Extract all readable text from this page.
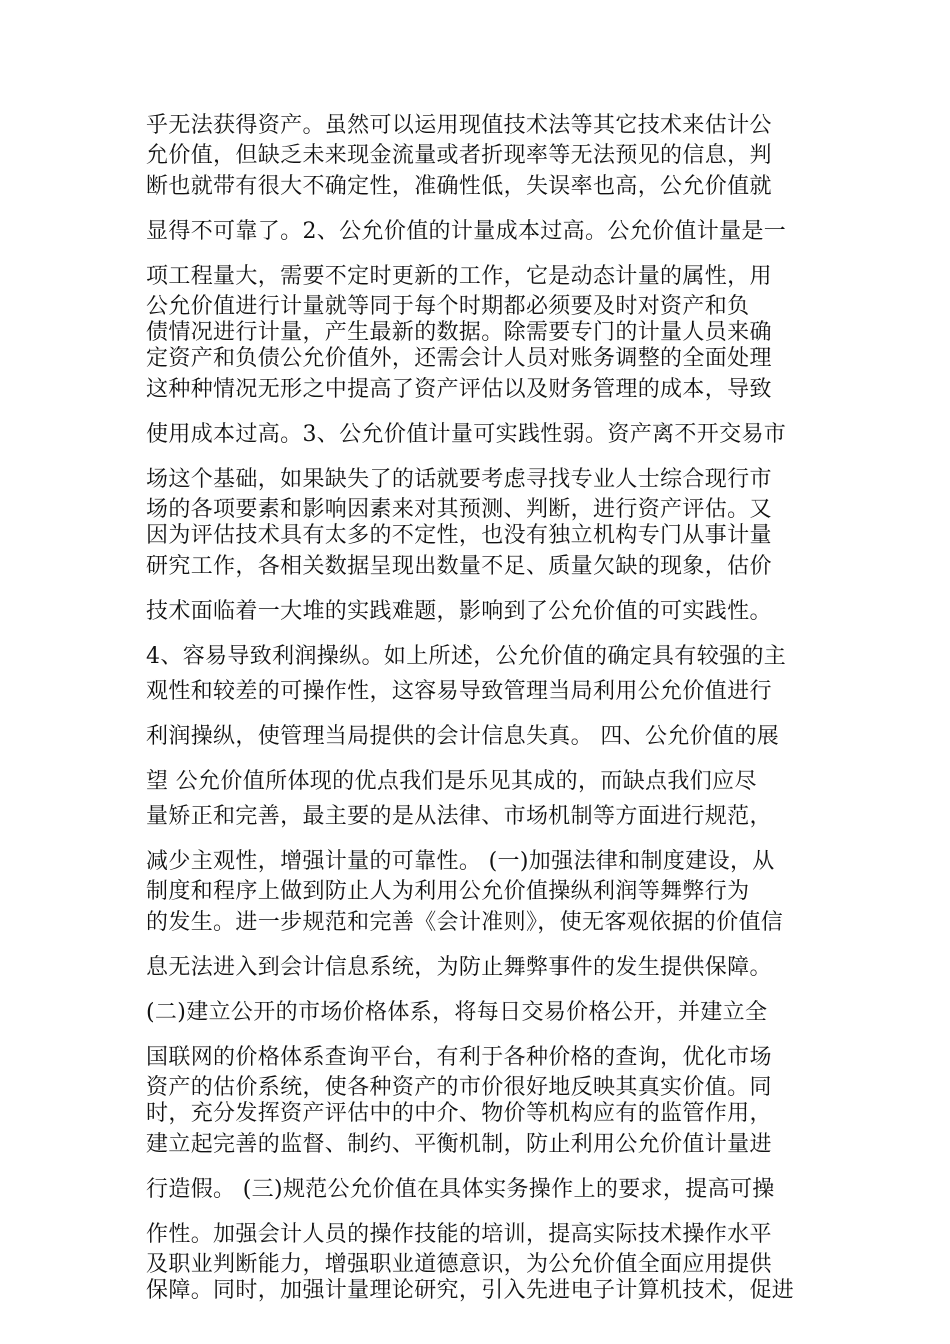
乎无法获得资产。虽然可以运用现值技术法等其它技术来估计公
允价值，但缺乏未来现金流量或者折现率等无法预见的信息，判
断也就带有很大不确定性，准确性低，失误率也高，公允价值就
显得不可靠了。2、公允价值的计量成本过高。公允价值计量是一
项工程量大，需要不定时更新的工作，它是动态计量的属性，用
公允价值进行计量就等同于每个时期都必须要及时对资产和负
债情况进行计量，产生最新的数据。除需要专门的计量人员来确
定资产和负债公允价值外，还需会计人员对账务调整的全面处理
这种种情况无形之中提高了资产评估以及财务管理的成本，导致
使用成本过高。3、公允价值计量可实践性弱。资产离不开交易市
场这个基础，如果缺失了的话就要考虑寻找专业人士综合现行市
场的各项要素和影响因素来对其预测、判断，进行资产评估。又
因为评估技术具有太多的不定性，也没有独立机构专门从事计量
研究工作，各相关数据呈现出数量不足、质量欠缺的现象，估价
技术面临着一大堆的实践难题，影响到了公允价值的可实践性。
4、容易导致利润操纵。如上所述，公允价值的确定具有较强的主
观性和较差的可操作性，这容易导致管理当局利用公允价值进行
利润操纵，使管理当局提供的会计信息失真。 四、公允价值的展
望 公允价值所体现的优点我们是乐见其成的，而缺点我们应尽
量矫正和完善，最主要的是从法律、市场机制等方面进行规范，
减少主观性，增强计量的可靠性。 (一)加强法律和制度建设，从
制度和程序上做到防止人为利用公允价值操纵利润等舞弊行为
的发生。进一步规范和完善《会计准则》，使无客观依据的价值信
息无法进入到会计信息系统，为防止舞弊事件的发生提供保障。
(二)建立公开的市场价格体系，将每日交易价格公开，并建立全
国联网的价格体系查询平台，有利于各种价格的查询，优化市场
资产的估价系统，使各种资产的市价很好地反映其真实价值。同
时，充分发挥资产评估中的中介、物价等机构应有的监管作用，
建立起完善的监督、制约、平衡机制，防止利用公允价值计量进
行造假。 (三)规范公允价值在具体实务操作上的要求，提高可操
作性。加强会计人员的操作技能的培训，提高实际技术操作水平
及职业判断能力，增强职业道德意识，为公允价值全面应用提供
保障。同时，加强计量理论研究，引入先进电子计算机技术，促进
